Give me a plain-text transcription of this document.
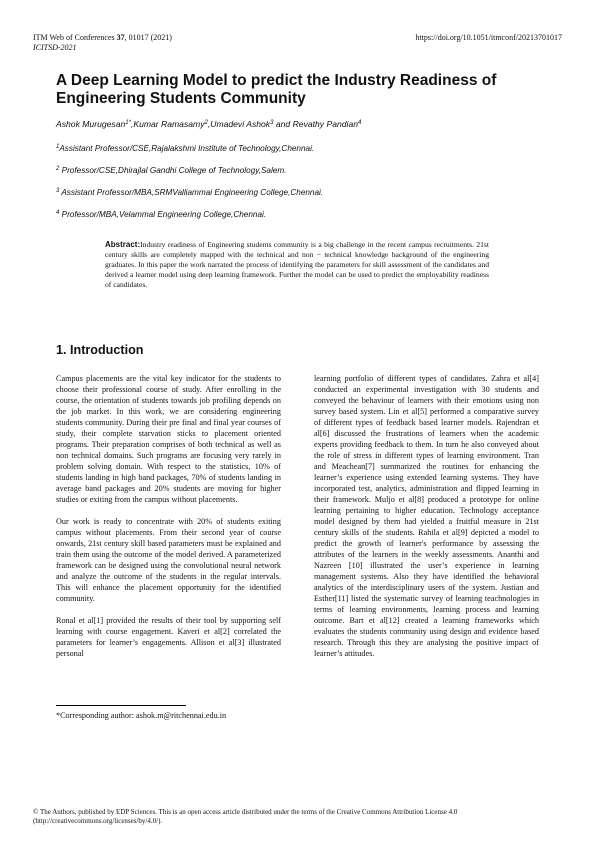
ITM Web of Conferences 37, 01017 (2021)
ICITSD-2021
https://doi.org/10.1051/itmconf/20213701017
A Deep Learning Model to predict the Industry Readiness of Engineering Students Community
Ashok Murugesan$^{1*}$,Kumar Ramasamy$^2$,Umadevi Ashok$^3$ and Revathy Pandian$^4$
$^1$Assistant Professor/CSE,Rajalakshmi Institute of Technology,Chennai.
$^2$ Professor/CSE,Dhirajlal Gandhi College of Technology,Salem.
$^3$ Assistant Professor/MBA,SRMValliammai Engineering College,Chennai.
$^4$ Professor/MBA,Velammal Engineering College,Chennai.
Abstract:Industry readiness of Engineering students community is a big challenge in the recent campus recruitments. 21st century skills are completely mapped with the technical and non − technical knowledge background of the engineering graduates. In this paper the work narrated the process of identifying the parameters for skill assessment of the candidates and derived a learner model using deep learning framework. Further the model can be used to predict the employability readiness of candidates.
1. Introduction

Campus placements are the vital key indicator for the students to choose their professional course of study. After enrolling in the course, the orientation of students towards job profiling depends on the job market. In this work, we are considering engineering students community. During their pre final and final year courses of study, their complete starvation sticks to placement oriented programs. Their preparation comprises of both technical as well as non technical domains. Such programs are focusing very rarely in problem solving domain. With respect to the statistics, 10% of students landing in high band packages, 70% of students landing in average band packages and 20% students are moving for higher studies or exiting from the campus without placements.

Our work is ready to concentrate with 20% of students exiting campus without placements. From their second year of course onwards, 21st century skill based parameters must be explained and train them using the outcome of the model derived. A parameterized framework can be designed using the convolutional neural network and analyze the outcome of the students in the regular intervals. This will enhance the placement opportunity for the identified community.

Ronal et al[1] provided the results of their tool by supporting self learning with course engagement. Kaveri et al[2] correlated the parameters for learner’s engagements. Allison et al[3] illustrated personal

learning portfolio of different types of candidates. Zahra et al[4] conducted an experimental investigation with 30 students and conveyed the behaviour of learners with their emotions using non survey based system. Lin et al[5] performed a comparative survey of different types of feedback based learner models. Rajendran et al[6] discussed the frustrations of learners when the academic experts providing feedback to them. In turn he also conveyed about the role of stress in different types of learning environment. Tran and Meachean[7] summarized the routines for enhancing the learner’s experience using extended learning systems. They have incorporated test, analytics, administration and flipped learning in their framework. Muljo et al[8] produced a prototype for online learning pertaining to higher education. Technology acceptance model designed by them had yielded a fruitful measure in 21st century skills of the students. Rahila et al[9] depicted a model to predict the growth of learner's performance by assessing the attributes of the learners in the weekly assessments. Ananthi and Nazreen [10] illustrated the user’s experience in learning management systems. Also they have identified the behavioral analytics of the interdisciplinary users of the system. Justian and Esther[11] listed the systematic survey of learning teachnologies in terms of learning environments, learning process and learning outcome. Bart et al[12] created a learning frameworks which evaluates the students community using design and evidence based research. Through this they are analysing the positive impact of learner’s attitudes.

*Corresponding author: ashok.m@ritchennai.edu.in
© The Authors, published by EDP Sciences. This is an open access article distributed under the terms of the Creative Commons Attribution License 4.0
(http://creativecommons.org/licenses/by/4.0/).
